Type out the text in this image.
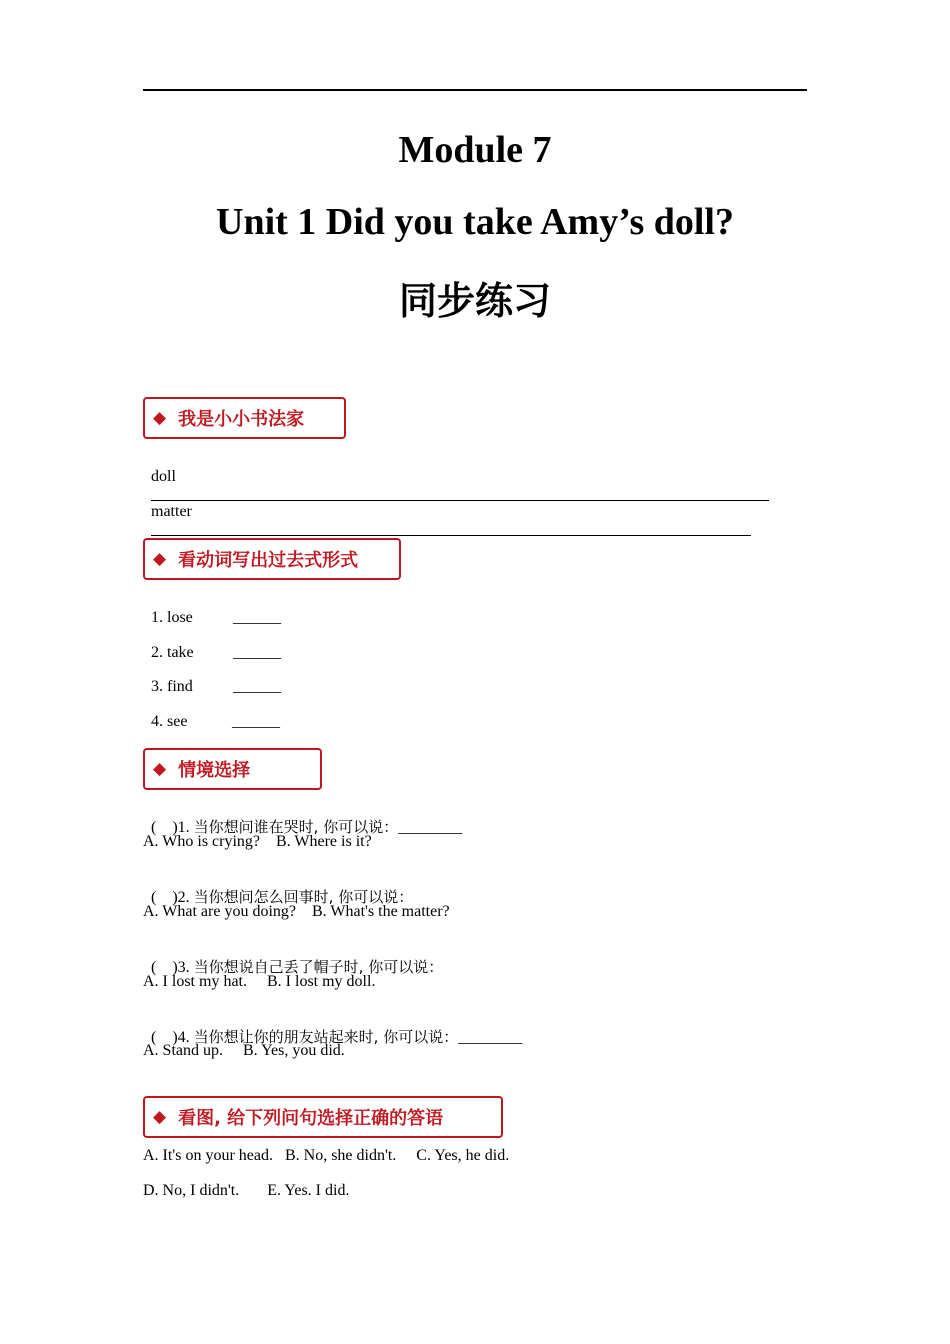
Module 7
Unit 1 Did you take Amy’s doll?
同步练习
◆ 我是小小书法家

doll

matter

◆ 看动词写出过去式形式

1. lose	______

2. take ______

3. find	______

4. see	______

◆ 情境选择

( )1. 当你想问谁在哭时, 你可以说：________

A. Who is crying?    B. Where is it?

( )2. 当你想问怎么回事时, 你可以说：

A. What are you doing?    B. What's the matter?

( )3. 当你想说自己丢了帽子时, 你可以说：

A. I lost my hat.     B. I lost my doll.

( )4. 当你想让你的朋友站起来时, 你可以说：________

A. Stand up.     B. Yes, you did.
◆ 看图, 给下列问句选择正确的答语
A. It's on your head.   B. No, she didn't.     C. Yes, he did.
D. No, I didn't.       E. Yes. I did.
